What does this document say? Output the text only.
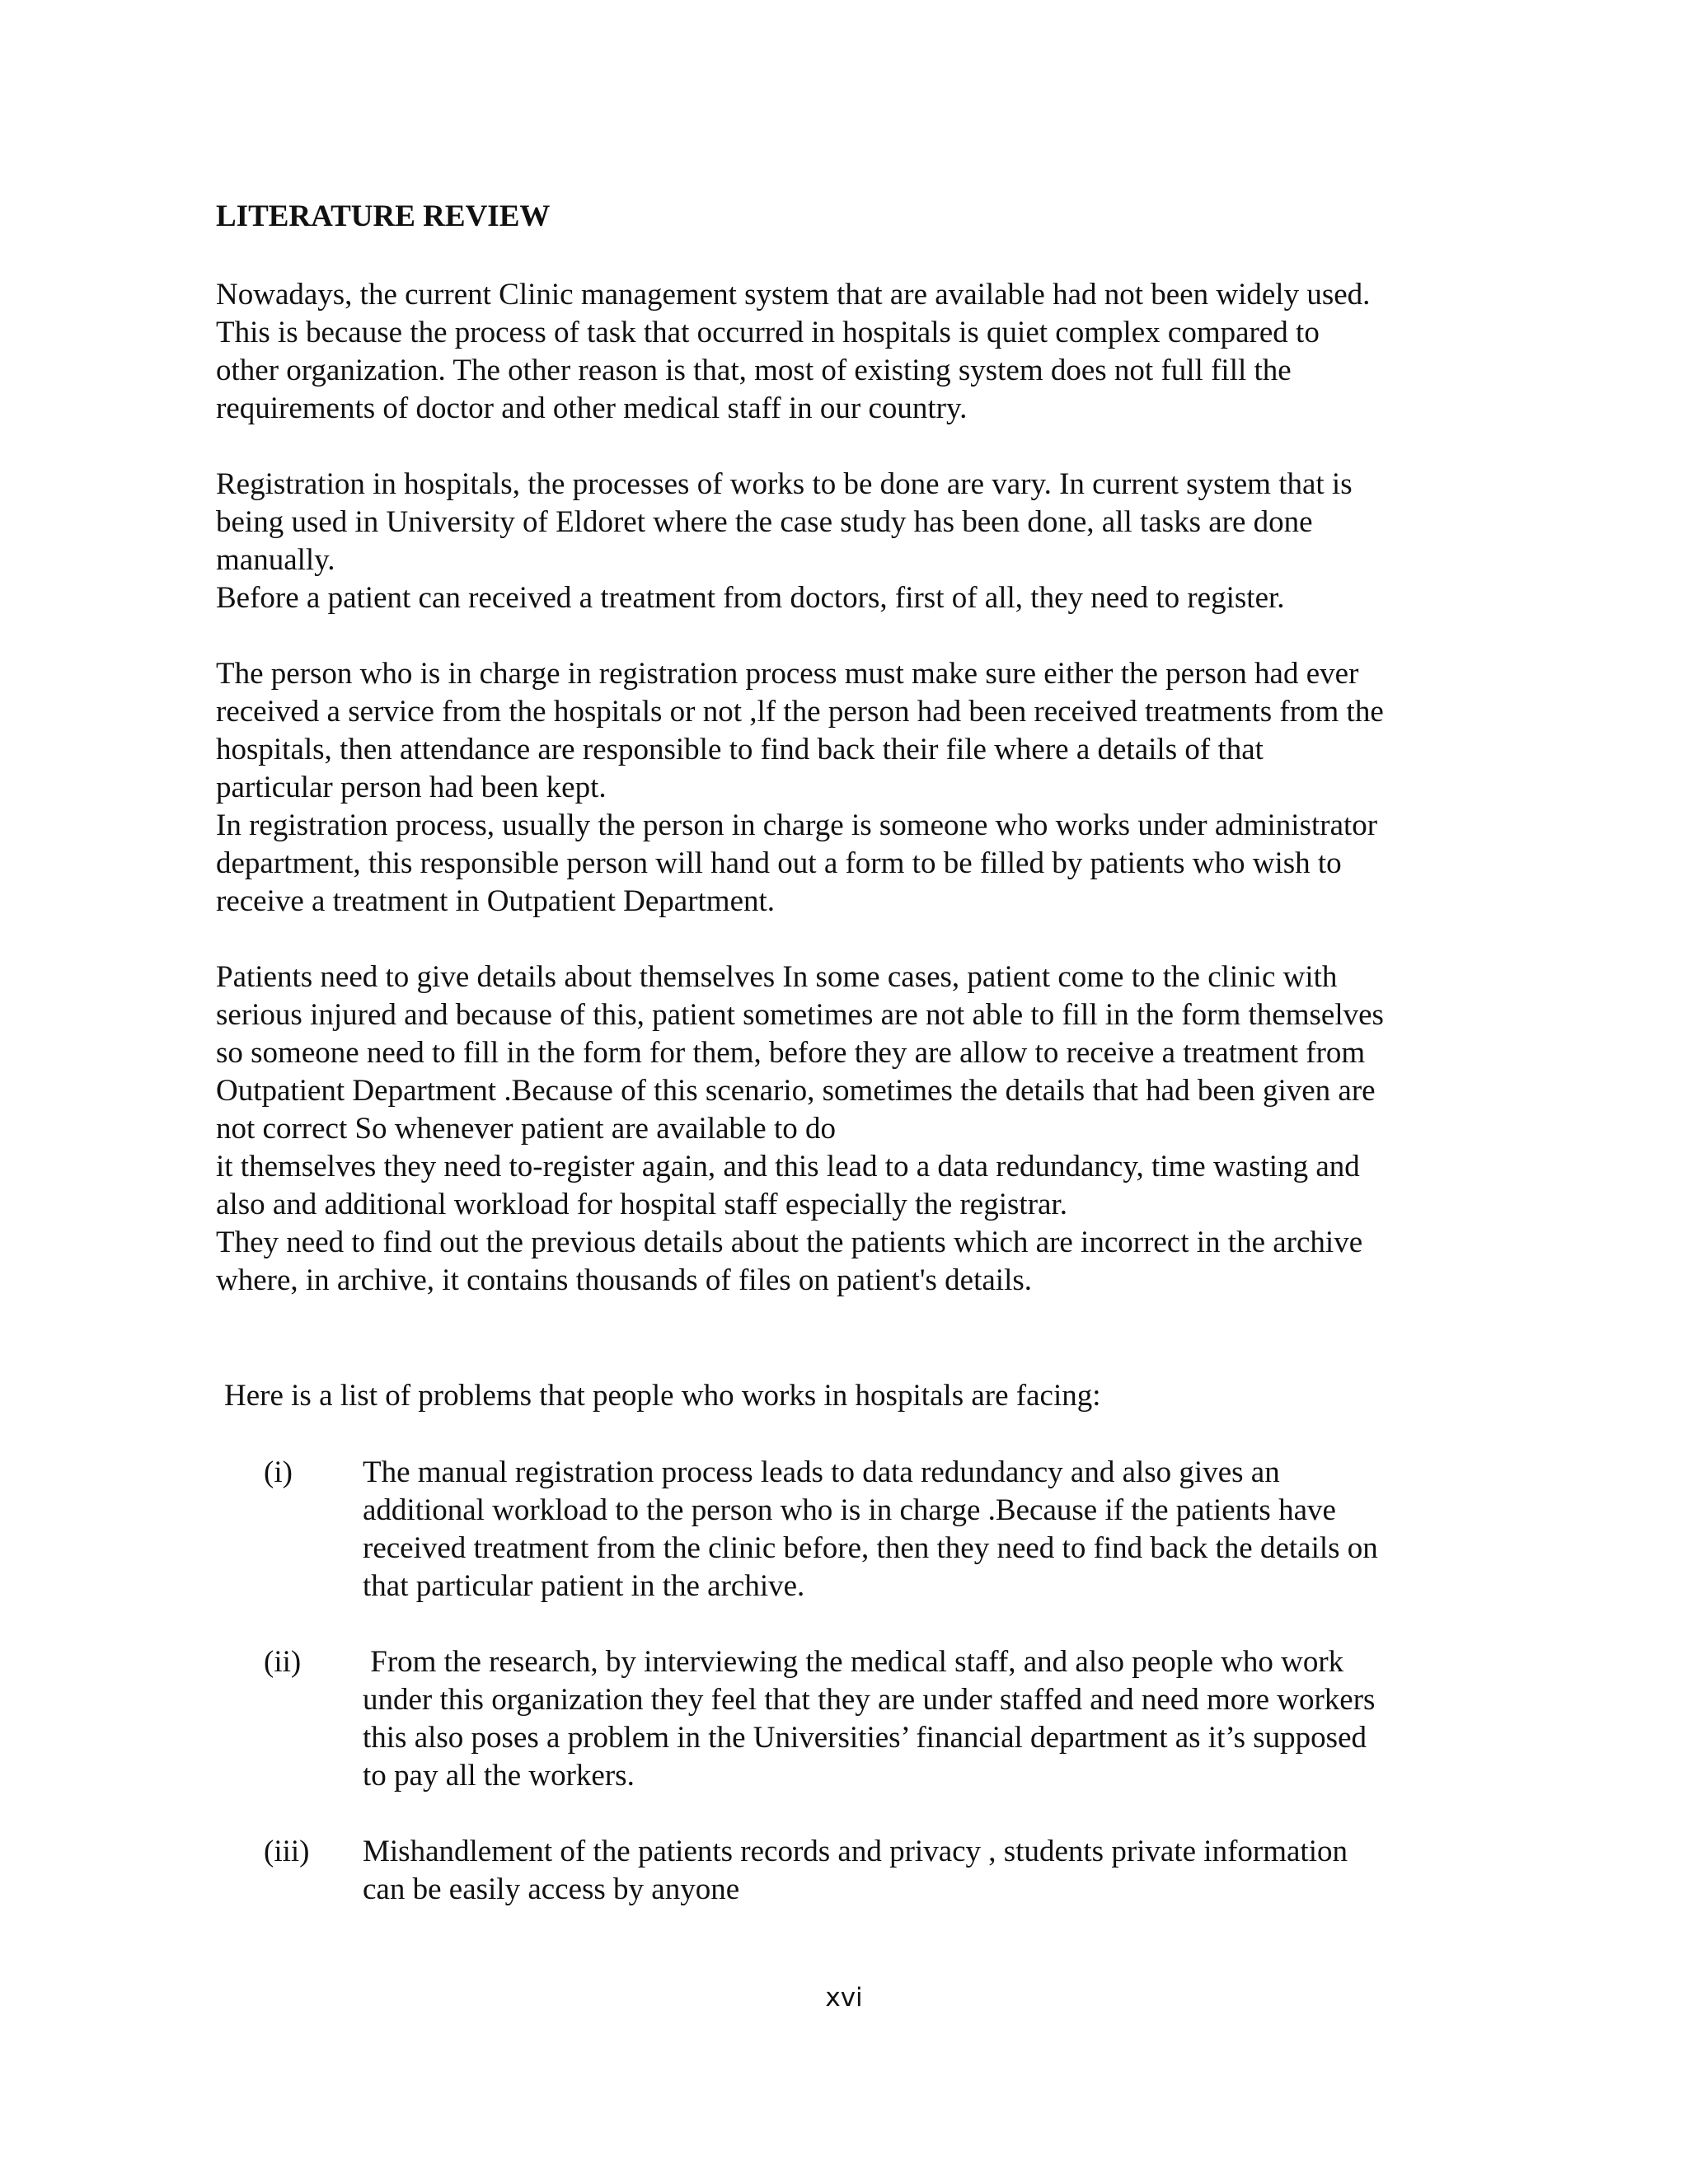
LITERATURE REVIEW
Nowadays, the current Clinic management system that are available had not been widely used.
This is because the process of task that occurred in hospitals is quiet complex compared to
other organization. The other reason is that, most of existing system does not full fill the
requirements of doctor and other medical staff in our country.
Registration in hospitals, the processes of works to be done are vary. In current system that is
being used in University of Eldoret where the case study has been done, all tasks are done
manually.
Before a patient can received a treatment from doctors, first of all, they need to register.
The person who is in charge in registration process must make sure either the person had ever
received a service from the hospitals or not ,lf the person had been received treatments from the
hospitals, then attendance are responsible to find back their file where a details of that
particular person had been kept.
In registration process, usually the person in charge is someone who works under administrator
department, this responsible person will hand out a form to be filled by patients who wish to
receive a treatment in Outpatient Department.
Patients need to give details about themselves In some cases, patient come to the clinic with
serious injured and because of this, patient sometimes are not able to fill in the form themselves
so someone need to fill in the form for them, before they are allow to receive a treatment from
Outpatient Department .Because of this scenario, sometimes the details that had been given are
not correct So whenever patient are available to do
it themselves they need to-register again, and this lead to a data redundancy, time wasting and
also and additional workload for hospital staff especially the registrar.
They need to find out the previous details about the patients which are incorrect in the archive
where, in archive, it contains thousands of files on patient's details.
Here is a list of problems that people who works in hospitals are facing:
(i) The manual registration process leads to data redundancy and also gives an
additional workload to the person who is in charge .Because if the patients have
received treatment from the clinic before, then they need to find back the details on
that particular patient in the archive.
(ii) From the research, by interviewing the medical staff, and also people who work
under this organization they feel that they are under staffed and need more workers
this also poses a problem in the Universities’ financial department as it’s supposed
to pay all the workers.
(iii) Mishandlement of the patients records and privacy , students private information
can be easily access by anyone
xvi
